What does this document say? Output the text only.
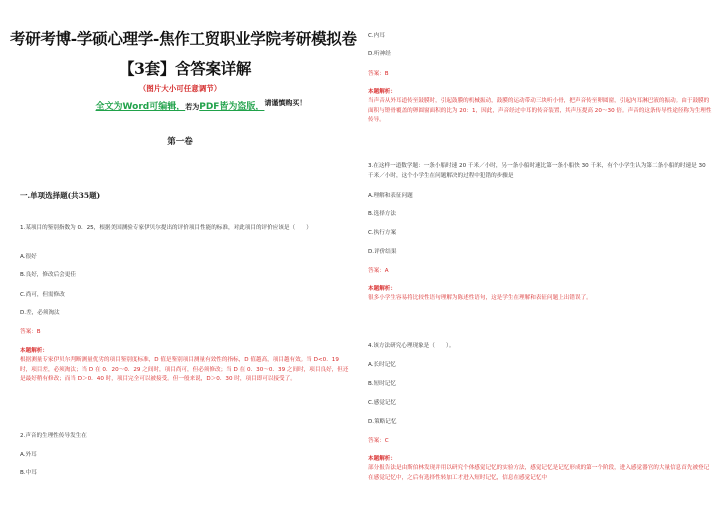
考研考博-学硕心理学-焦作工贸职业学院考研模拟卷
【3套】含答案详解
（图片大小可任意调节）
全文为Word可编辑，若为PDF皆为盗版， 请谨慎购买！
第一卷
一.单项选择题(共35题)
1.某项目的鉴别指数为 0．25，根据美国测验专家伊贝尔提出的评价项目性能的标准，对此项目的评价应该是（　　）
A.很好
B.良好，修改后会更佳
C.尚可，但需修改
D.差，必须淘汰
答案：B
本题解析：
根据测量专家伊贝尔判断测量优劣的项目鉴别度标准，D 值是鉴别项目测量有效性的指标，D 值越高，项目越有效。当 D<0．19 时，项目差，必须淘汰；当 D 在 0．20～0．29 之间时，项目尚可，但必须修改；当 D 在 0．30～0．39 之间时，项目良好，但还是最好稍有修改；而当 D＞0．40 时，项目完全可以被接受。但一般来说，D＞0．30 时，项目即可以接受了。
2.声音的生理性传导发生在
A.外耳
B.中耳
C.内耳
D.听神经
答案：B
本题解析：
当声音从外耳道传至鼓膜时，引起鼓膜的机械振动，鼓膜的运动带动三块听小骨，把声音传至卵圆窗，引起内耳淋巴液的振动。由于鼓膜的面积与镫骨覆盖的卵圆窗面积的比为 20：1，因此，声音经过中耳的传音装置，其声压提高 20～30 倍。声音的这条传导性途径称为生理性传导。
3.在这样一道数学题：一条小船时速 20 千米／小时，另一条小船时速比第一条小船快 30 千米，有个小学生认为第二条小船的时速是 30 千米／小时，这个小学生在问题解决的过程中犯错的步骤是
A.理解和表征问题
B.选择方法
C.执行方案
D.评价结果
答案：A
本题解析：
很多小学生容易将比较性语句理解为陈述性语句，这是学生在理解和表征问题上出错误了。
4.该方法研究心理现象是（　　）。
A.长时记忆
B.短时记忆
C.感觉记忆
D.策略记忆
答案：C
本题解析：
部分报告法是由斯伯林发现并用以研究个体感觉记忆的实验方法，感觉记忆是记忆形成的第一个阶段，进入感觉器官的大量信息首先被登记在感觉记忆中，之后有选择性转加工才进入短时记忆，信息在感觉记忆中
